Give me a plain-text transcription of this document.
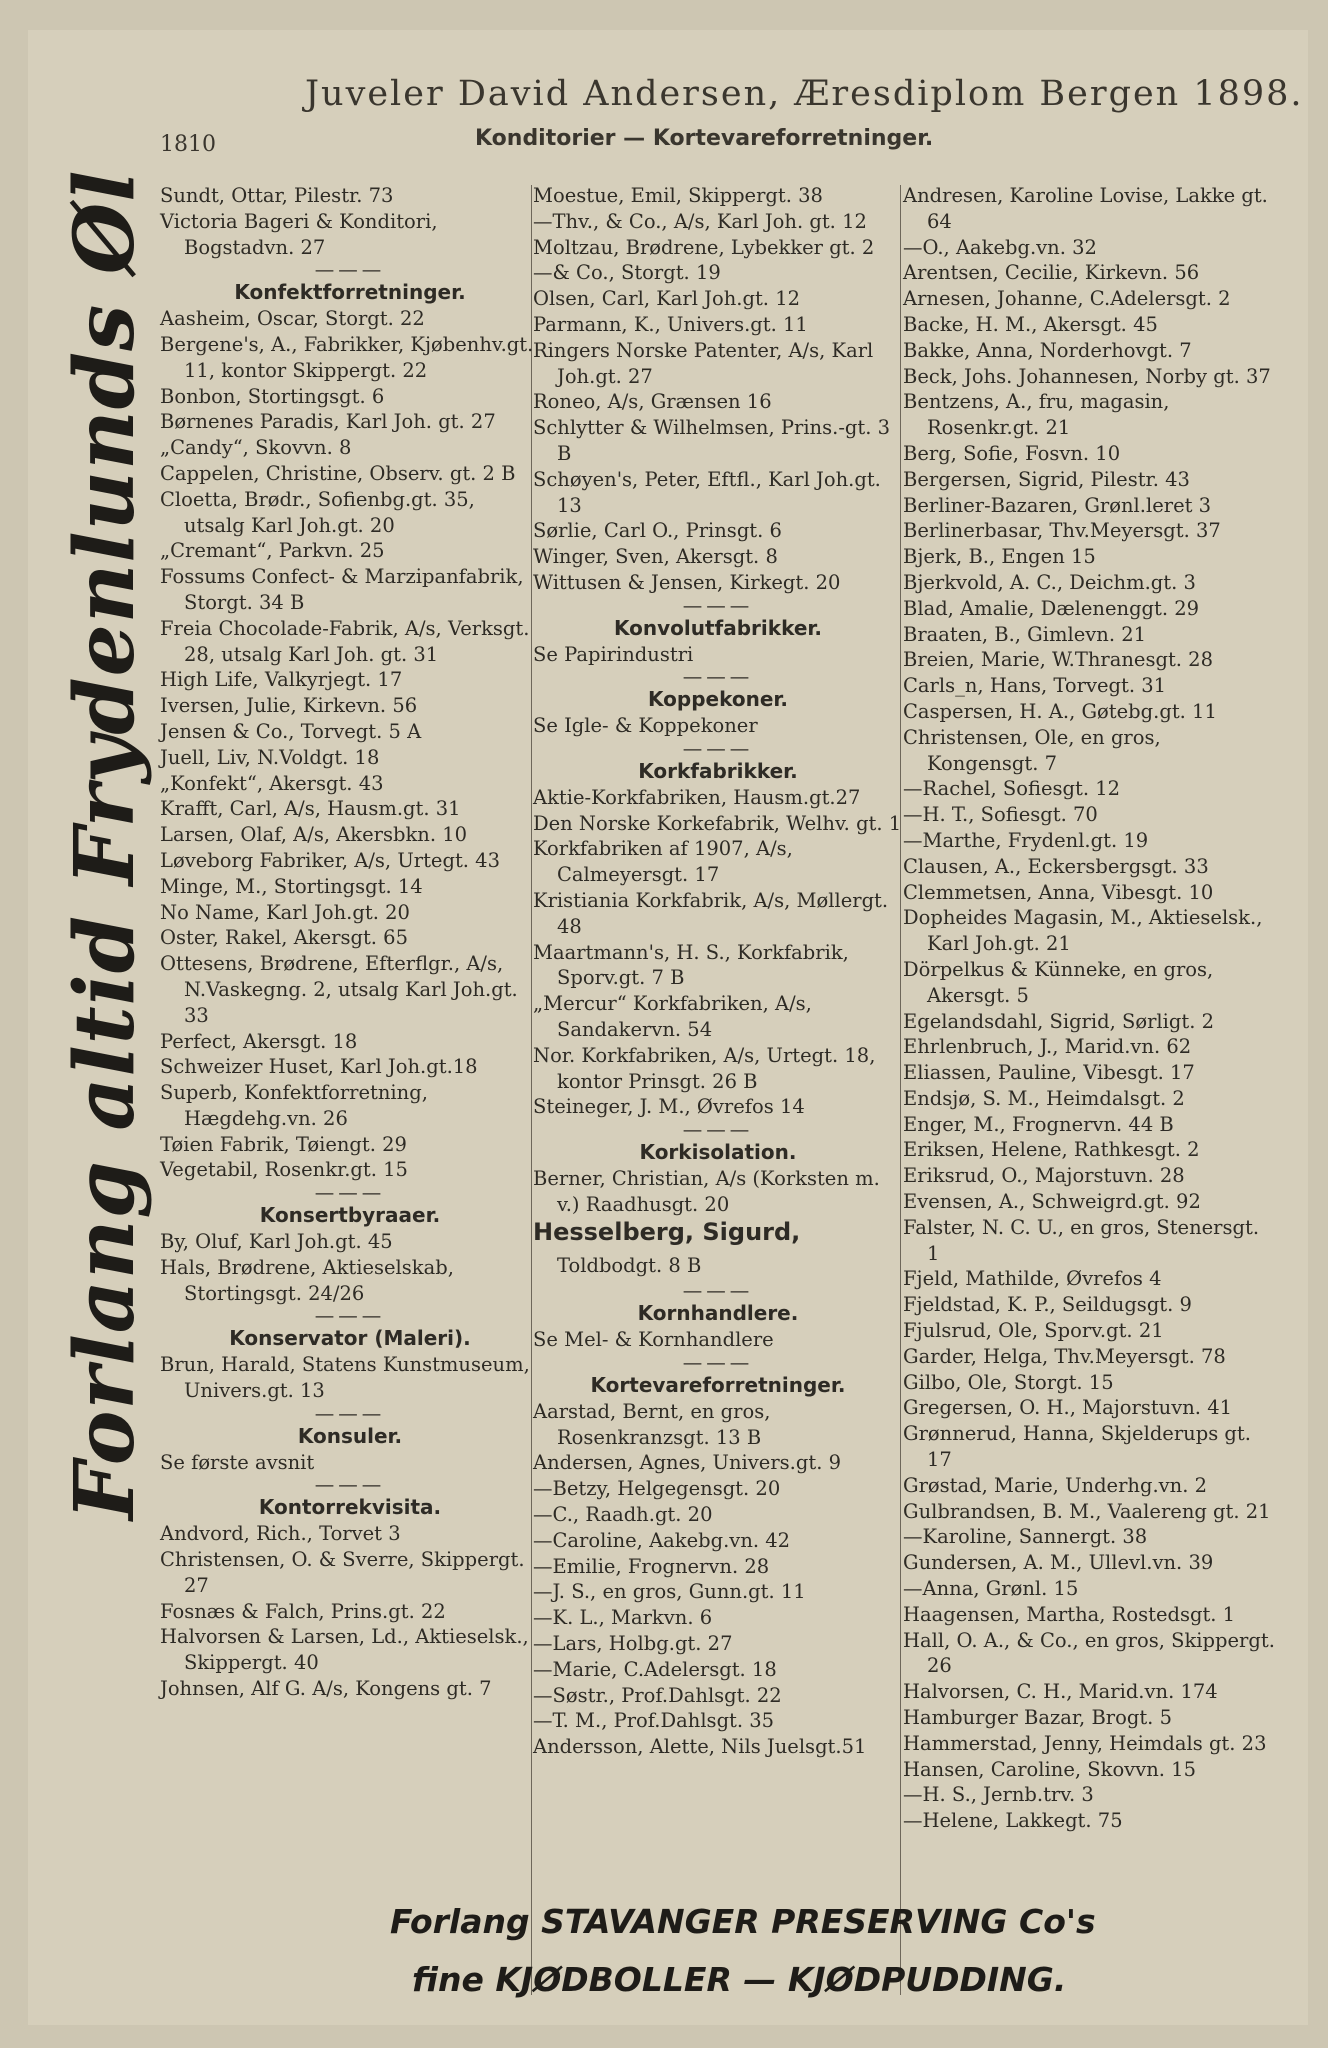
Juveler David Andersen, Æresdiplom Bergen 1898.
1810	Konditorier — Kortevareforretninger.
Forlang altid Frydenlunds Øl Sundt, Ottar, Pilestr. 73
Victoria Bageri & Konditori, Bogstadvn. 27
———
Konfektforretninger.
Aasheim, Oscar, Storgt. 22
Bergene's, A., Fabrikker, Kjøbenhv.gt. 11, kontor Skippergt. 22
Bonbon, Stortingsgt. 6
Børnenes Paradis, Karl Joh. gt. 27
„Candy“, Skovvn. 8
Cappelen, Christine, Observ. gt. 2 B
Cloetta, Brødr., Sofienbg.gt. 35, utsalg Karl Joh.gt. 20
„Cremant“, Parkvn. 25
Fossums Confect- & Marzipanfabrik, Storgt. 34 B
Freia Chocolade-Fabrik, A/s, Verksgt. 28, utsalg Karl Joh. gt. 31
High Life, Valkyrjegt. 17
Iversen, Julie, Kirkevn. 56
Jensen & Co., Torvegt. 5 A
Juell, Liv, N.Voldgt. 18
„Konfekt“, Akersgt. 43
Krafft, Carl, A/s, Hausm.gt. 31
Larsen, Olaf, A/s, Akersbkn. 10
Løveborg Fabriker, A/s, Urtegt. 43
Minge, M., Stortingsgt. 14
No Name, Karl Joh.gt. 20
Oster, Rakel, Akersgt. 65
Ottesens, Brødrene, Efterflgr., A/s, N.Vaskegng. 2, utsalg Karl Joh.gt. 33
Perfect, Akersgt. 18
Schweizer Huset, Karl Joh.gt.18
Superb, Konfektforretning, Hægdehg.vn. 26
Tøien Fabrik, Tøiengt. 29
Vegetabil, Rosenkr.gt. 15
———
Konsertbyraaer.
By, Oluf, Karl Joh.gt. 45
Hals, Brødrene, Aktieselskab, Stortingsgt. 24/26
———
Konservator (Maleri).
Brun, Harald, Statens Kunstmuseum, Univers.gt. 13
———
Konsuler.
Se første avsnit
———
Kontorrekvisita.
Andvord, Rich., Torvet 3
Christensen, O. & Sverre, Skippergt. 27
Fosnæs & Falch, Prins.gt. 22
Halvorsen & Larsen, Ld., Aktieselsk., Skippergt. 40
Johnsen, Alf G. A/s, Kongens gt. 7
Moestue, Emil, Skippergt. 38
—Thv., & Co., A/s, Karl Joh. gt. 12
Moltzau, Brødrene, Lybekker gt. 2
—& Co., Storgt. 19
Olsen, Carl, Karl Joh.gt. 12
Parmann, K., Univers.gt. 11
Ringers Norske Patenter, A/s, Karl Joh.gt. 27
Roneo, A/s, Grænsen 16
Schlytter & Wilhelmsen, Prins.-gt. 3 B
Schøyen's, Peter, Eftfl., Karl Joh.gt. 13
Sørlie, Carl O., Prinsgt. 6
Winger, Sven, Akersgt. 8
Wittusen & Jensen, Kirkegt. 20
———
Konvolutfabrikker.
Se Papirindustri
———
Koppekoner.
Se Igle- & Koppekoner
———
Korkfabrikker.
Aktie-Korkfabriken, Hausm.gt.27
Den Norske Korkefabrik, Welhv. gt. 1
Korkfabriken af 1907, A/s, Calmeyersgt. 17
Kristiania Korkfabrik, A/s, Møllergt. 48
Maartmann's, H. S., Korkfabrik, Sporv.gt. 7 B
„Mercur“ Korkfabriken, A/s, Sandakervn. 54
Nor. Korkfabriken, A/s, Urtegt. 18, kontor Prinsgt. 26 B
Steineger, J. M., Øvrefos 14
———
Korkisolation.
Berner, Christian, A/s (Korksten m. v.) Raadhusgt. 20
Hesselberg, Sigurd, Toldbodgt. 8 B
———
Kornhandlere.
Se Mel- & Kornhandlere
———
Kortevareforretninger.
Aarstad, Bernt, en gros, Rosenkranzsgt. 13 B
Andersen, Agnes, Univers.gt. 9
—Betzy, Helgegensgt. 20
—C., Raadh.gt. 20
—Caroline, Aakebg.vn. 42
—Emilie, Frognervn. 28
—J. S., en gros, Gunn.gt. 11
—K. L., Markvn. 6
—Lars, Holbg.gt. 27
—Marie, C.Adelersgt. 18
—Søstr., Prof.Dahlsgt. 22
—T. M., Prof.Dahlsgt. 35
Andersson, Alette, Nils Juelsgt.51
Andresen, Karoline Lovise, Lakke gt. 64
—O., Aakebg.vn. 32
Arentsen, Cecilie, Kirkevn. 56
Arnesen, Johanne, C.Adelersgt. 2
Backe, H. M., Akersgt. 45
Bakke, Anna, Norderhovgt. 7
Beck, Johs. Johannesen, Norby gt. 37
Bentzens, A., fru, magasin, Rosenkr.gt. 21
Berg, Sofie, Fosvn. 10
Bergersen, Sigrid, Pilestr. 43
Berliner-Bazaren, Grønl.leret 3
Berlinerbasar, Thv.Meyersgt. 37
Bjerk, B., Engen 15
Bjerkvold, A. C., Deichm.gt. 3
Blad, Amalie, Dælenenggt. 29
Braaten, B., Gimlevn. 21
Breien, Marie, W.Thranesgt. 28
Carls_n, Hans, Torvegt. 31
Caspersen, H. A., Gøtebg.gt. 11
Christensen, Ole, en gros, Kongensgt. 7
—Rachel, Sofiesgt. 12
—H. T., Sofiesgt. 70
—Marthe, Frydenl.gt. 19
Clausen, A., Eckersbergsgt. 33
Clemmetsen, Anna, Vibesgt. 10
Dopheides Magasin, M., Aktieselsk., Karl Joh.gt. 21
Dörpelkus & Künneke, en gros, Akersgt. 5
Egelandsdahl, Sigrid, Sørligt. 2
Ehrlenbruch, J., Marid.vn. 62
Eliassen, Pauline, Vibesgt. 17
Endsjø, S. M., Heimdalsgt. 2
Enger, M., Frognervn. 44 B
Eriksen, Helene, Rathkesgt. 2
Eriksrud, O., Majorstuvn. 28
Evensen, A., Schweigrd.gt. 92
Falster, N. C. U., en gros, Stenersgt. 1
Fjeld, Mathilde, Øvrefos 4
Fjeldstad, K. P., Seildugsgt. 9
Fjulsrud, Ole, Sporv.gt. 21
Garder, Helga, Thv.Meyersgt. 78
Gilbo, Ole, Storgt. 15
Gregersen, O. H., Majorstuvn. 41
Grønnerud, Hanna, Skjelderups gt. 17
Grøstad, Marie, Underhg.vn. 2
Gulbrandsen, B. M., Vaalereng gt. 21
—Karoline, Sannergt. 38
Gundersen, A. M., Ullevl.vn. 39
—Anna, Grønl. 15
Haagensen, Martha, Rostedsgt. 1
Hall, O. A., & Co., en gros, Skippergt. 26
Halvorsen, C. H., Marid.vn. 174
Hamburger Bazar, Brogt. 5
Hammerstad, Jenny, Heimdals gt. 23
Hansen, Caroline, Skovvn. 15
—H. S., Jernb.trv. 3
—Helene, Lakkegt. 75
Forlang STAVANGER PRESERVING Co's
fine KJØDBOLLER — KJØDPUDDING.
